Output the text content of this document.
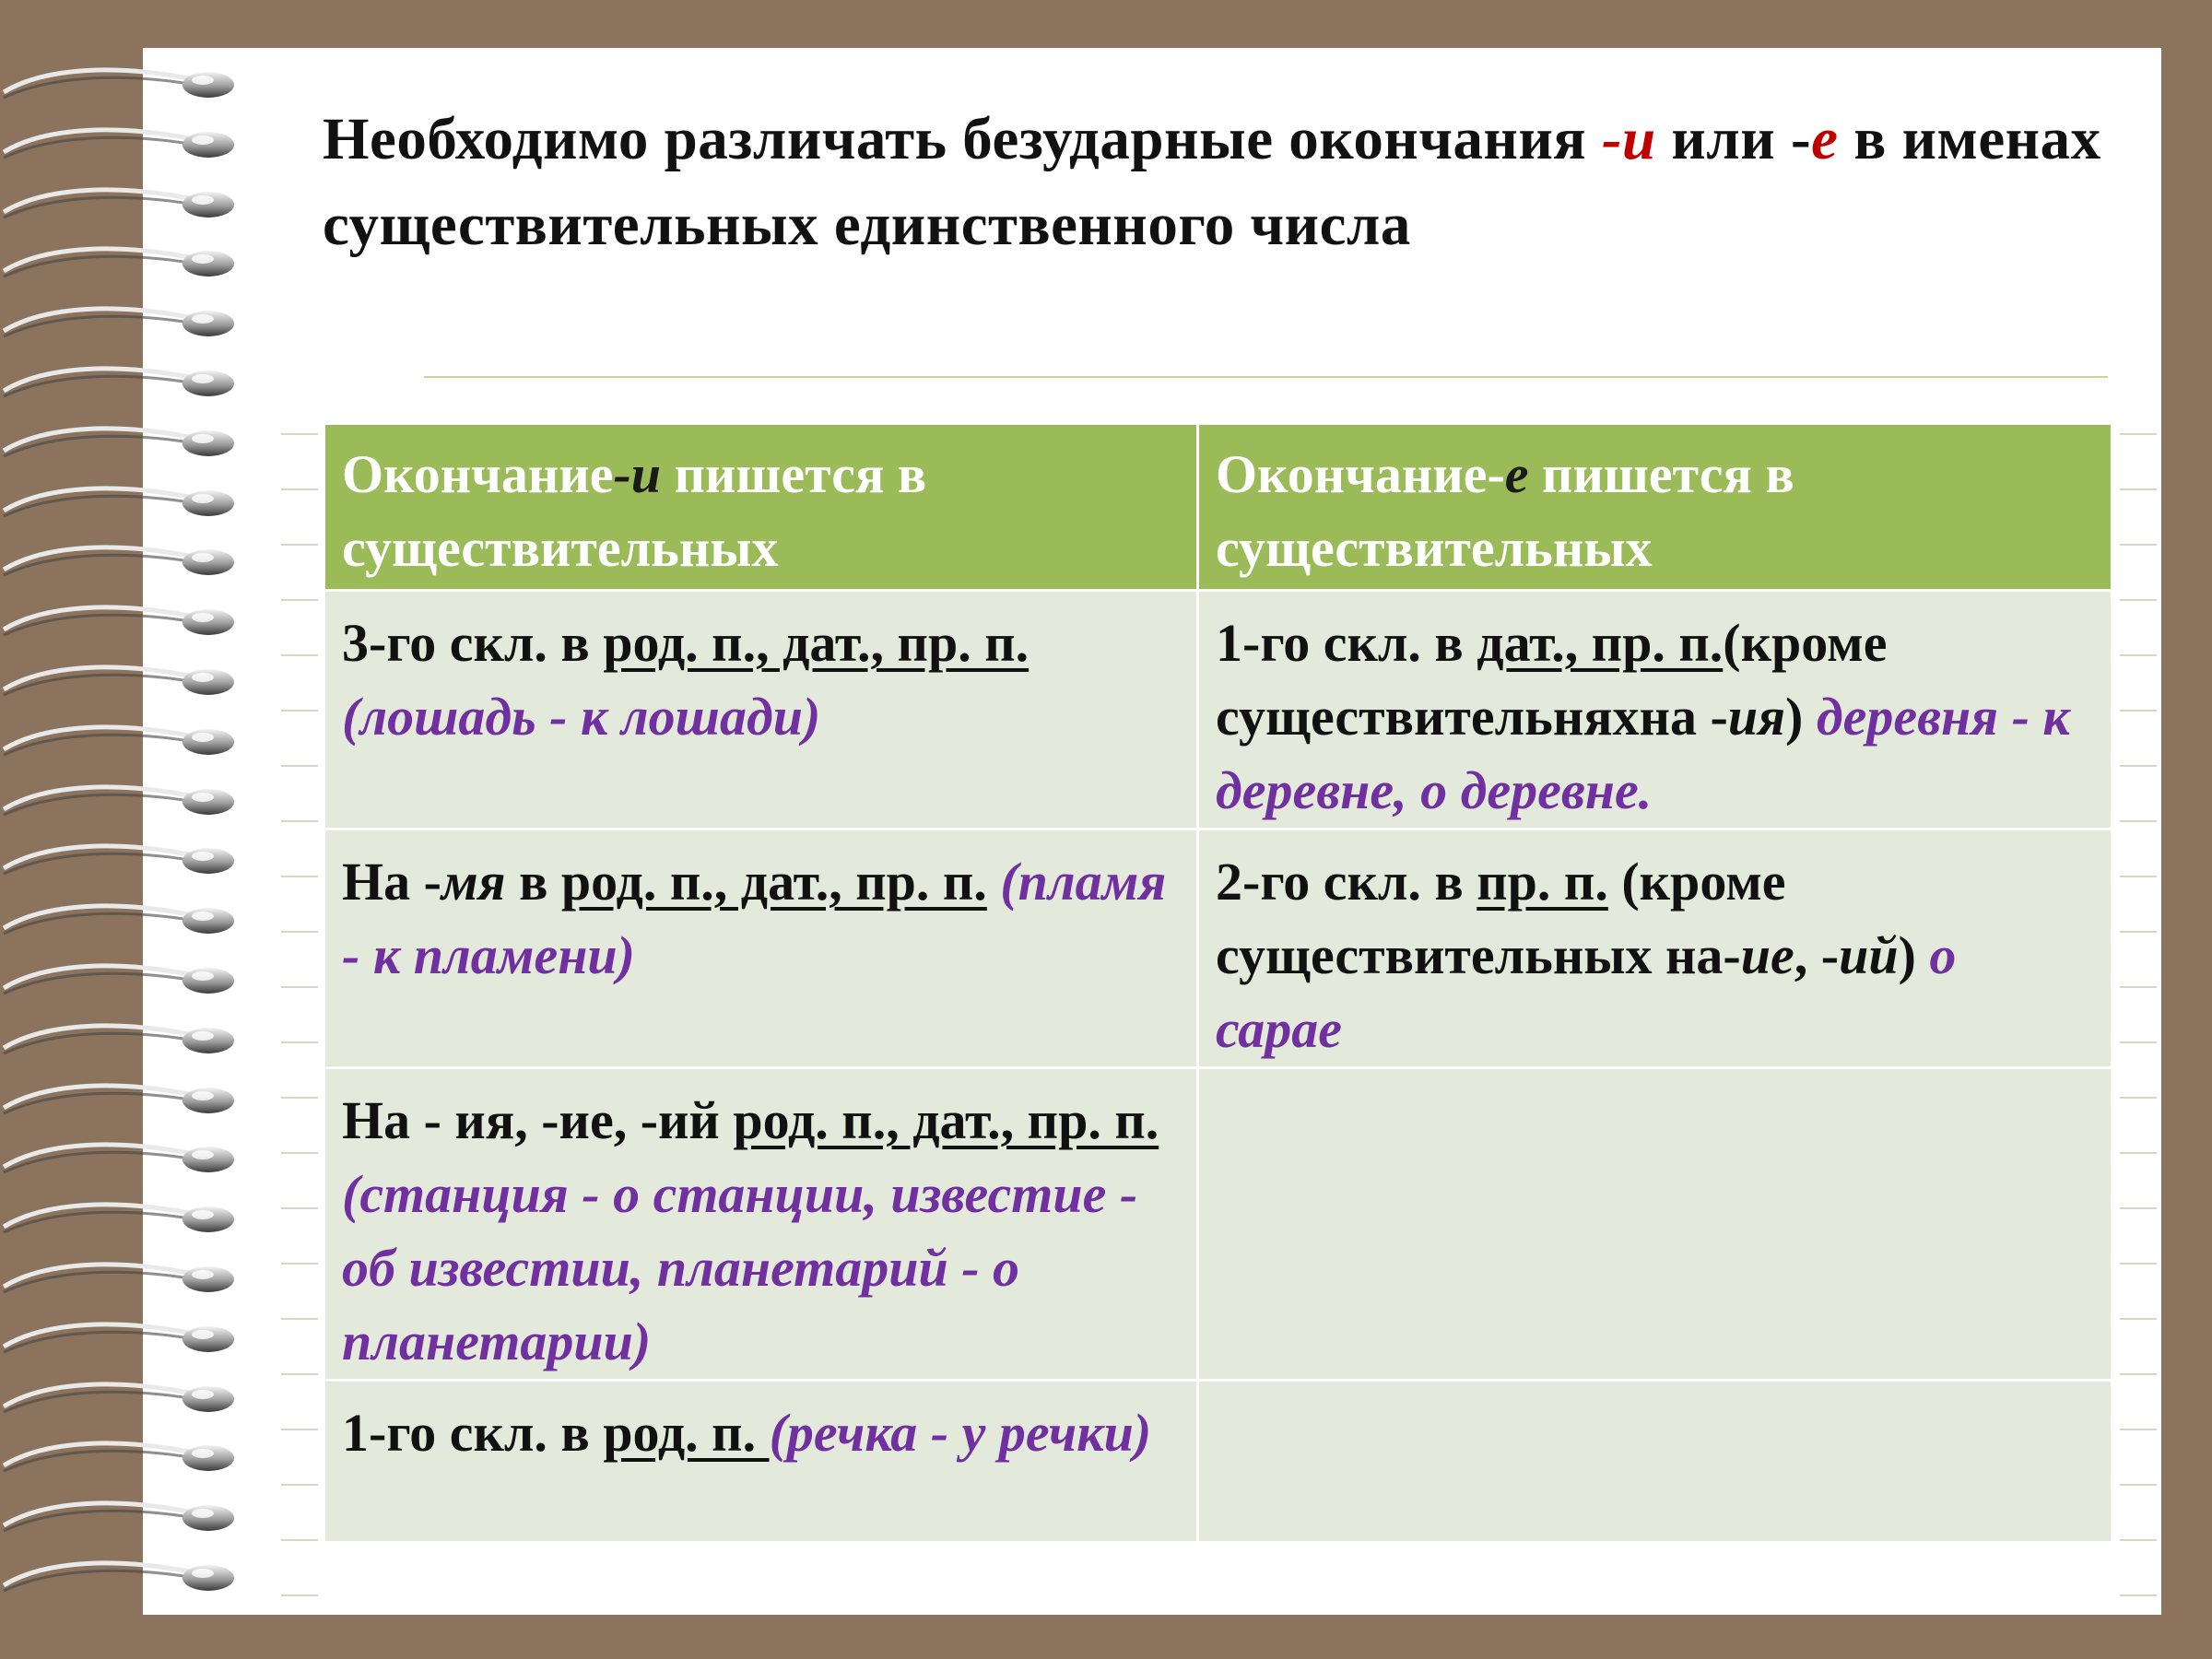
Необходимо различать безударные окончания -и или -е в именах существительных единственного числа
Окончание-и пишется в существительных	Окончание-е пишется в существительных
3-го скл. в род. п., дат., пр. п. (лошадь - к лошади)	1-го скл. в дат., пр. п.(кроме существительняхна -ия) деревня - к деревне, о деревне.
На -мя в род. п., дат., пр. п. (пламя - к пламени)	2-го скл. в пр. п. (кроме существительных на-ие, -ий) о сарае
На - ия, -ие, -ий род. п., дат., пр. п. (станция - о станции, известие - об известии, планетарий - о планетарии)	
1-го скл. в род. п. (речка - у речки)	
